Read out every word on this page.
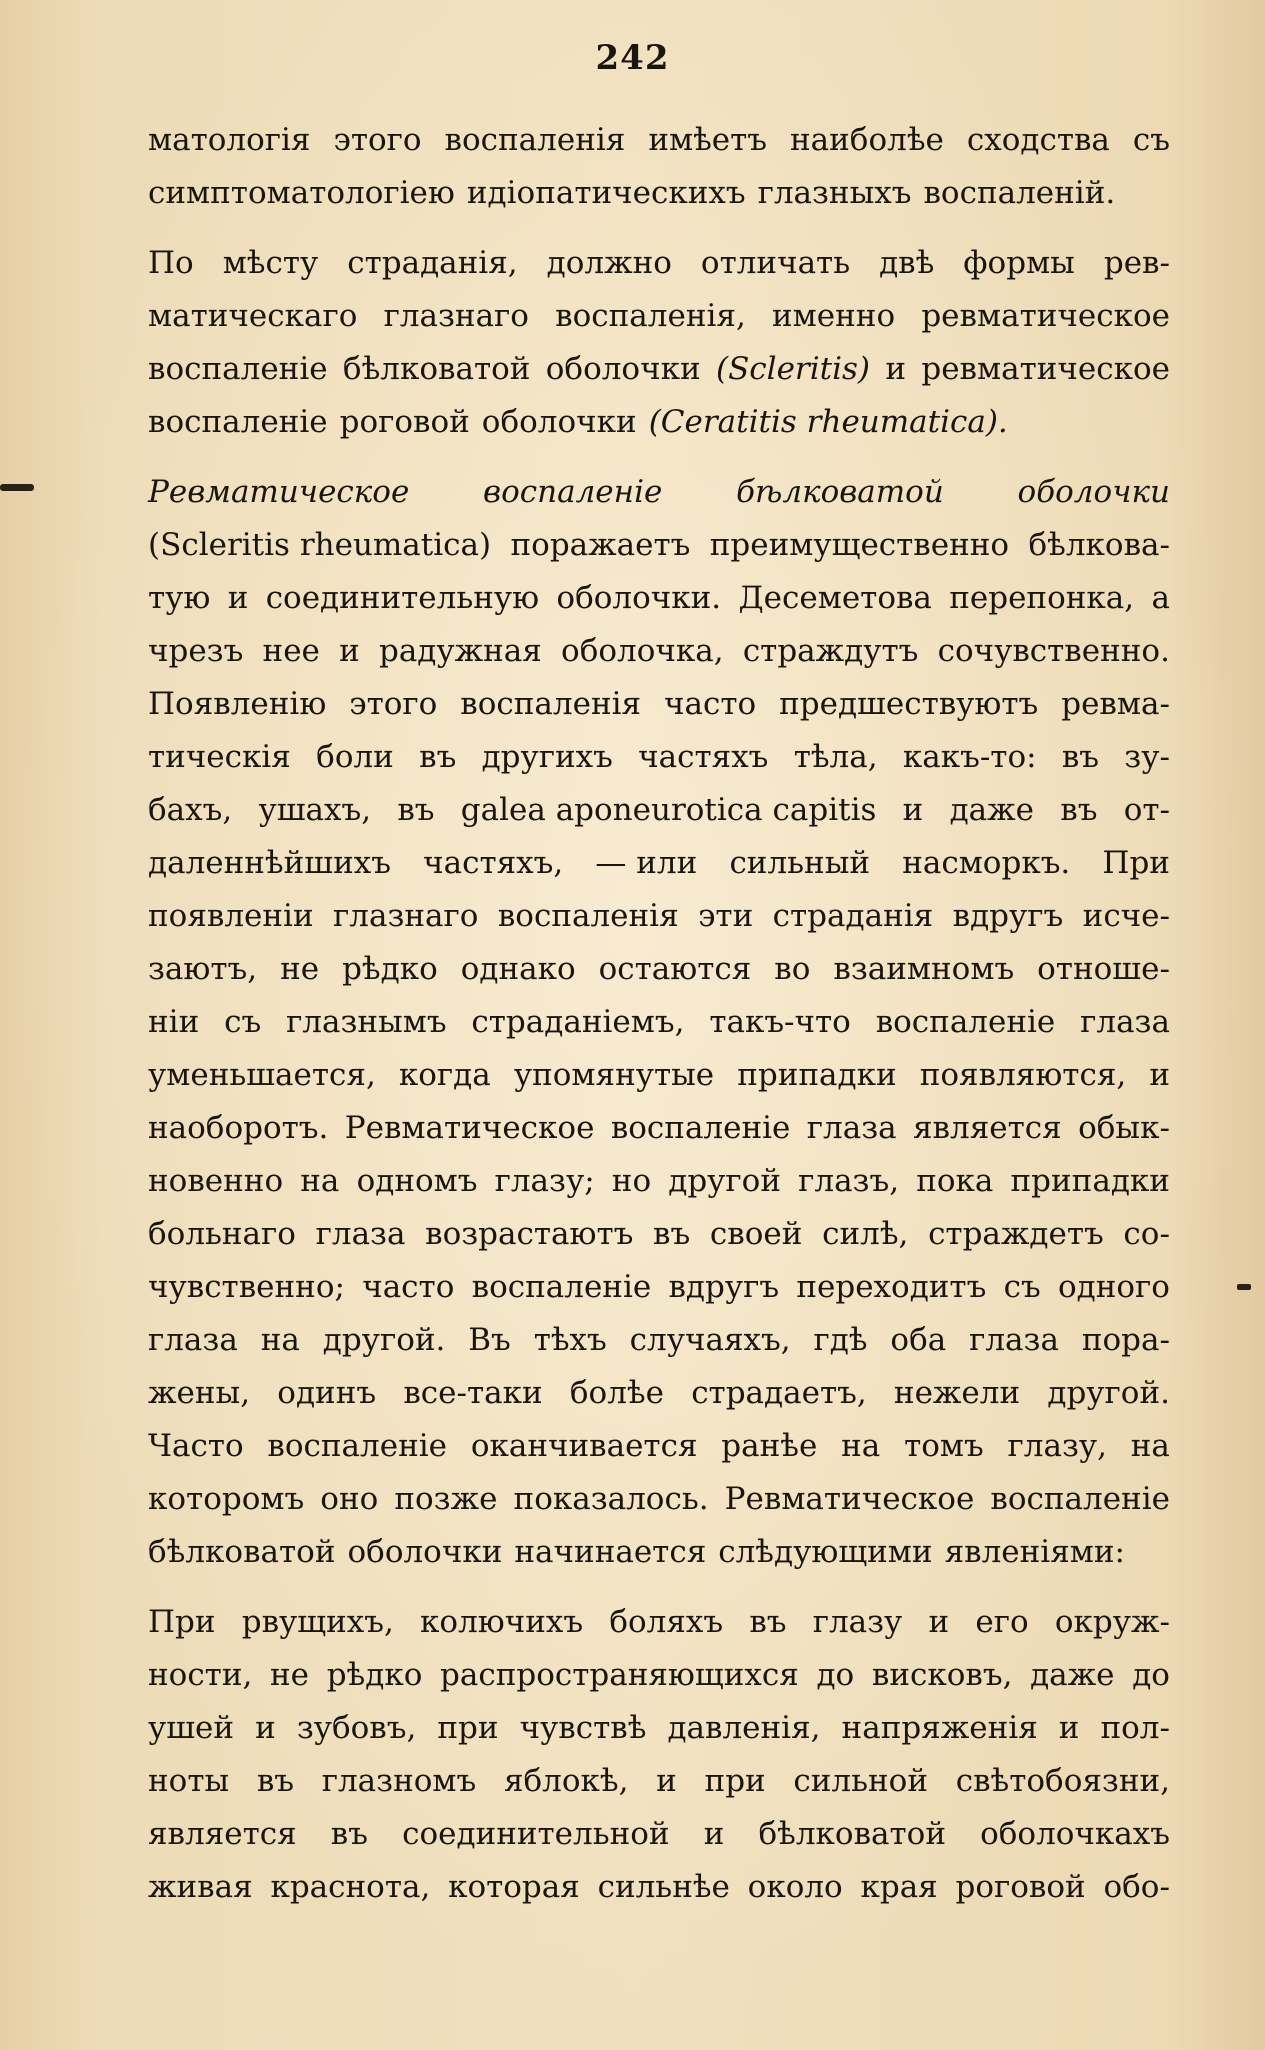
242
матологія этого воспаленія имѣетъ наиболѣе сходства съ
симптоматологіею идіопатическихъ глазныхъ воспаленій.
По мѣсту страданія, должно отличать двѣ формы рев-
матическаго глазнаго воспаленія, именно ревматическое
воспаленіе бѣлковатой оболочки (Scleritis) и ревматическое
воспаленіе роговой оболочки (Ceratitis rheumatica).
Ревматическое воспаленіе бѣлковатой оболочки
(Scleritis rheumatica) поражаетъ преимущественно бѣлкова-
тую и соединительную оболочки. Десеметова перепонка, а
чрезъ нее и радужная оболочка, страждутъ сочувственно.
Появленію этого воспаленія часто предшествуютъ ревма-
тическія боли въ другихъ частяхъ тѣла, какъ-то: въ зу-
бахъ, ушахъ, въ galea aponeurotica capitis и даже въ от-
даленнѣйшихъ частяхъ, — или сильный насморкъ. При
появленіи глазнаго воспаленія эти страданія вдругъ исче-
заютъ, не рѣдко однако остаются во взаимномъ отноше-
ніи съ глазнымъ страданіемъ, такъ-что воспаленіе глаза
уменьшается, когда упомянутые припадки появляются, и
наоборотъ. Ревматическое воспаленіе глаза является обык-
новенно на одномъ глазу; но другой глазъ, пока припадки
больнаго глаза возрастаютъ въ своей силѣ, страждетъ со-
чувственно; часто воспаленіе вдругъ переходитъ съ одного
глаза на другой. Въ тѣхъ случаяхъ, гдѣ оба глаза пора-
жены, одинъ все-таки болѣе страдаетъ, нежели другой.
Часто воспаленіе оканчивается ранѣе на томъ глазу, на
которомъ оно позже показалось. Ревматическое воспаленіе
бѣлковатой оболочки начинается слѣдующими явленіями:
При рвущихъ, колючихъ боляхъ въ глазу и его окруж-
ности, не рѣдко распространяющихся до висковъ, даже до
ушей и зубовъ, при чувствѣ давленія, напряженія и пол-
ноты въ глазномъ яблокѣ, и при сильной свѣтобоязни,
является въ соединительной и бѣлковатой оболочкахъ
живая краснота, которая сильнѣе около края роговой обо-
